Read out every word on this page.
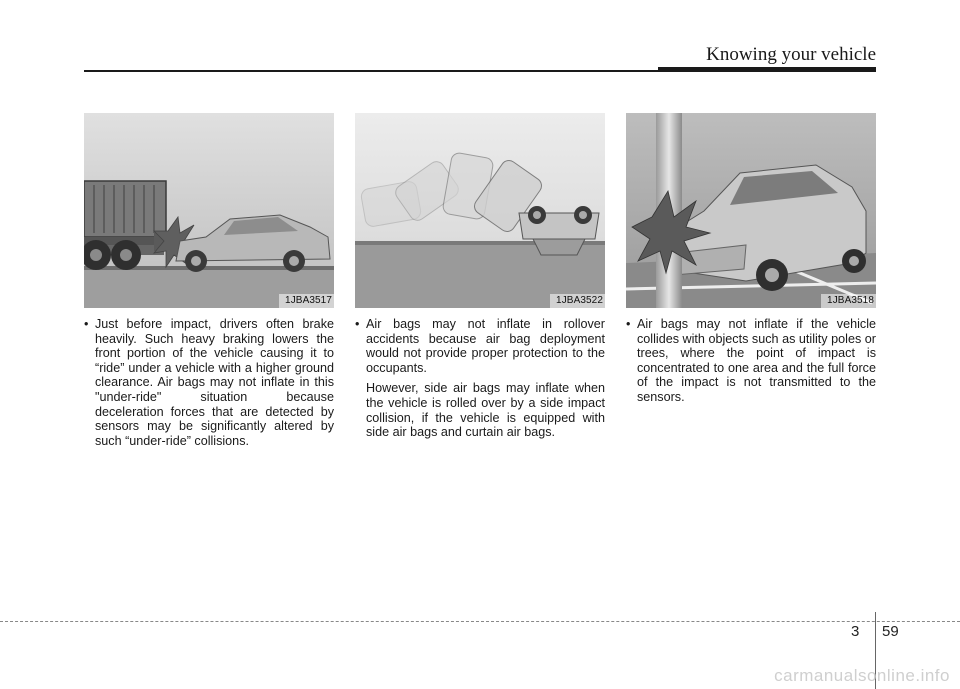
Knowing your vehicle
1JBA3517	1JBA3522	1JBA3518
• Just before impact, drivers often brake heavily. Such heavy braking lowers the front portion of the vehicle causing it to “ride” under a vehicle with a higher ground clearance. Air bags may not inflate in this "under-ride" situation because deceleration forces that are detected by sensors may be significantly altered by such “under-ride” collisions.
• Air bags may not inflate in rollover accidents because air bag deployment would not provide proper protection to the occupants.
However, side air bags may inflate when the vehicle is rolled over by a side impact collision, if the vehicle is equipped with side air bags and curtain air bags.
• Air bags may not inflate if the vehicle collides with objects such as utility poles or trees, where the point of impact is concentrated to one area and the full force of the impact is not transmitted to the sensors.
3 59
carmanualsonline.info
